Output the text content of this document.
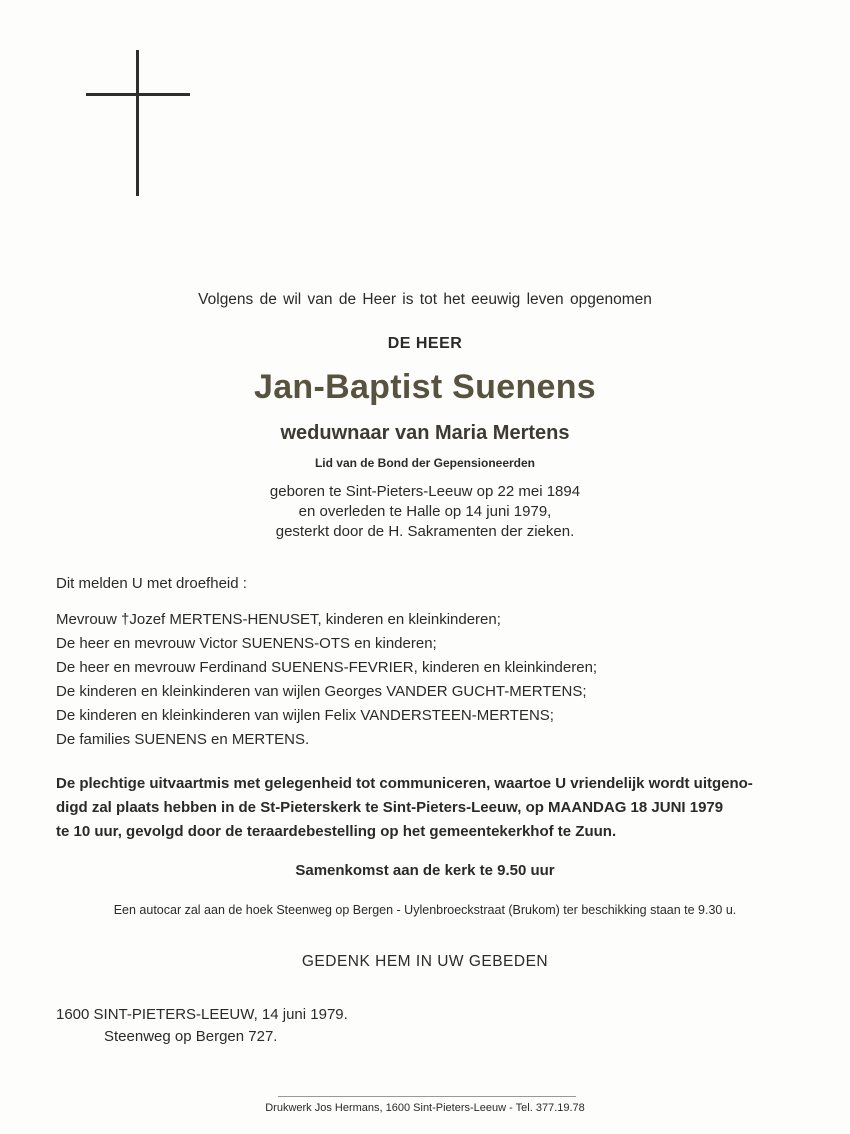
Volgens de wil van de Heer is tot het eeuwig leven opgenomen
DE HEER
Jan-Baptist Suenens
weduwnaar van Maria Mertens
Lid van de Bond der Gepensioneerden
geboren te Sint-Pieters-Leeuw op 22 mei 1894
en overleden te Halle op 14 juni 1979,
gesterkt door de H. Sakramenten der zieken.
Dit melden U met droefheid :
Mevrouw †Jozef MERTENS-HENUSET, kinderen en kleinkinderen;
De heer en mevrouw Victor SUENENS-OTS en kinderen;
De heer en mevrouw Ferdinand SUENENS-FEVRIER, kinderen en kleinkinderen;
De kinderen en kleinkinderen van wijlen Georges VANDER GUCHT-MERTENS;
De kinderen en kleinkinderen van wijlen Felix VANDERSTEEN-MERTENS;
De families SUENENS en MERTENS.
De plechtige uitvaartmis met gelegenheid tot communiceren, waartoe U vriendelijk wordt uitgeno-
digd zal plaats hebben in de St-Pieterskerk te Sint-Pieters-Leeuw, op MAANDAG 18 JUNI 1979
te 10 uur, gevolgd door de teraardebestelling op het gemeentekerkhof te Zuun.
Samenkomst aan de kerk te 9.50 uur
Een autocar zal aan de hoek Steenweg op Bergen - Uylenbroeckstraat (Brukom) ter beschikking staan te 9.30 u.
GEDENK HEM IN UW GEBEDEN
1600 SINT-PIETERS-LEEUW, 14 juni 1979.
Steenweg op Bergen 727.
Drukwerk Jos Hermans, 1600 Sint-Pieters-Leeuw - Tel. 377.19.78
